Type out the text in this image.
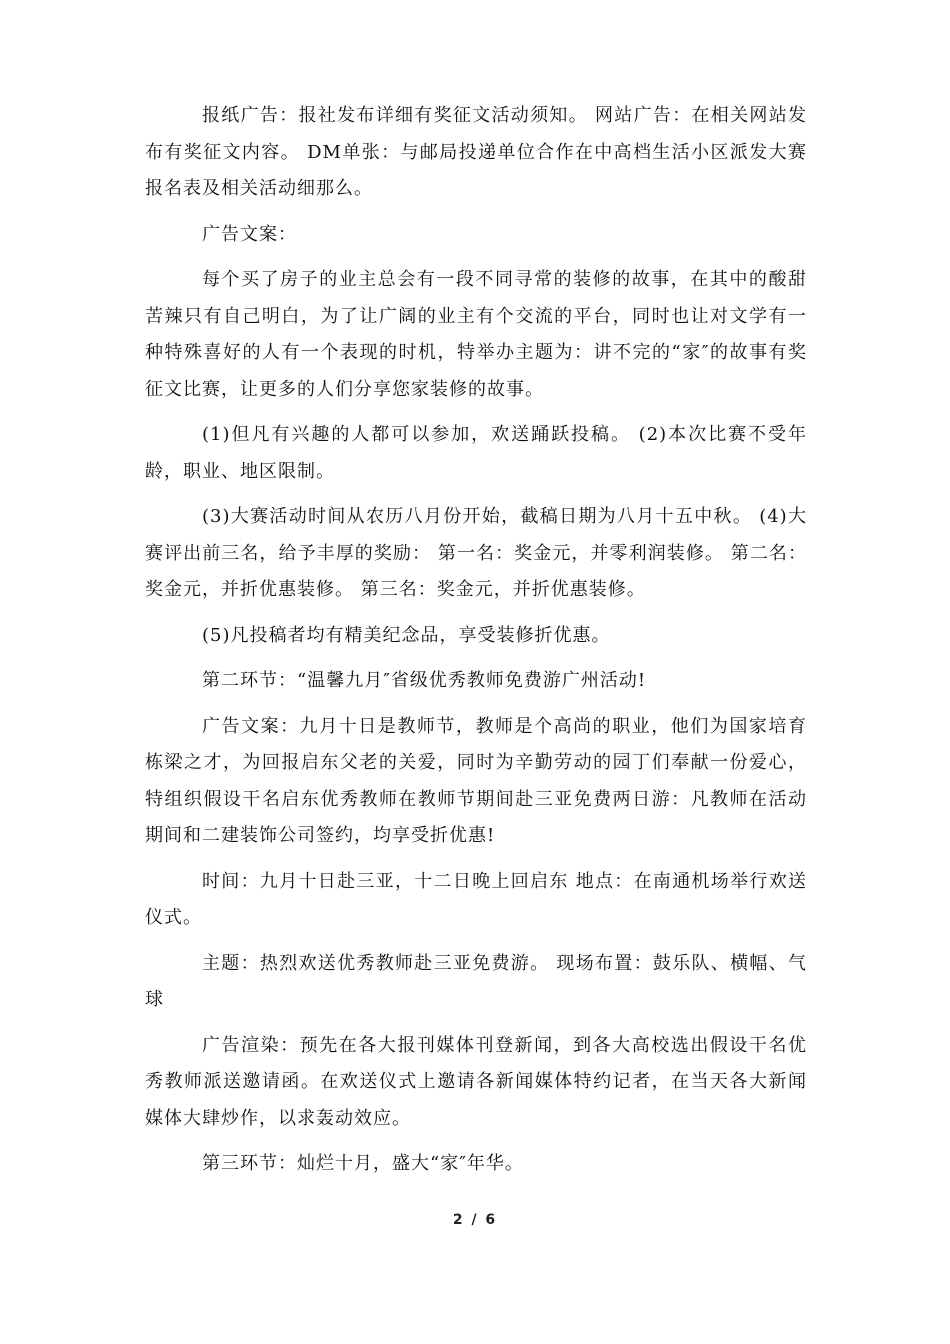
报纸广告：报社发布详细有奖征文活动须知。 网站广告：在相关网站发布有奖征文内容。 DM单张：与邮局投递单位合作在中高档生活小区派发大赛报名表及相关活动细那么。

广告文案：

每个买了房子的业主总会有一段不同寻常的装修的故事，在其中的酸甜苦辣只有自己明白，为了让广阔的业主有个交流的平台，同时也让对文学有一种特殊喜好的人有一个表现的时机，特举办主题为：讲不完的“家″的故事有奖征文比赛，让更多的人们分享您家装修的故事。

(1)但凡有兴趣的人都可以参加，欢送踊跃投稿。 (2)本次比赛不受年龄，职业、地区限制。

(3)大赛活动时间从农历八月份开始，截稿日期为八月十五中秋。 (4)大赛评出前三名，给予丰厚的奖励： 第一名：奖金元，并零利润装修。 第二名：奖金元，并折优惠装修。 第三名：奖金元，并折优惠装修。

(5)凡投稿者均有精美纪念品，享受装修折优惠。

第二环节：“温馨九月″省级优秀教师免费游广州活动!

广告文案：九月十日是教师节，教师是个高尚的职业，他们为国家培育栋梁之才，为回报启东父老的关爱，同时为辛勤劳动的园丁们奉献一份爱心，特组织假设干名启东优秀教师在教师节期间赴三亚免费两日游：凡教师在活动期间和二建装饰公司签约，均享受折优惠!

时间：九月十日赴三亚，十二日晚上回启东 地点：在南通机场举行欢送仪式。

主题：热烈欢送优秀教师赴三亚免费游。 现场布置：鼓乐队、横幅、气球

广告渲染：预先在各大报刊媒体刊登新闻，到各大高校选出假设干名优秀教师派送邀请函。在欢送仪式上邀请各新闻媒体特约记者，在当天各大新闻媒体大肆炒作，以求轰动效应。

第三环节：灿烂十月，盛大“家″年华。

2 / 6
